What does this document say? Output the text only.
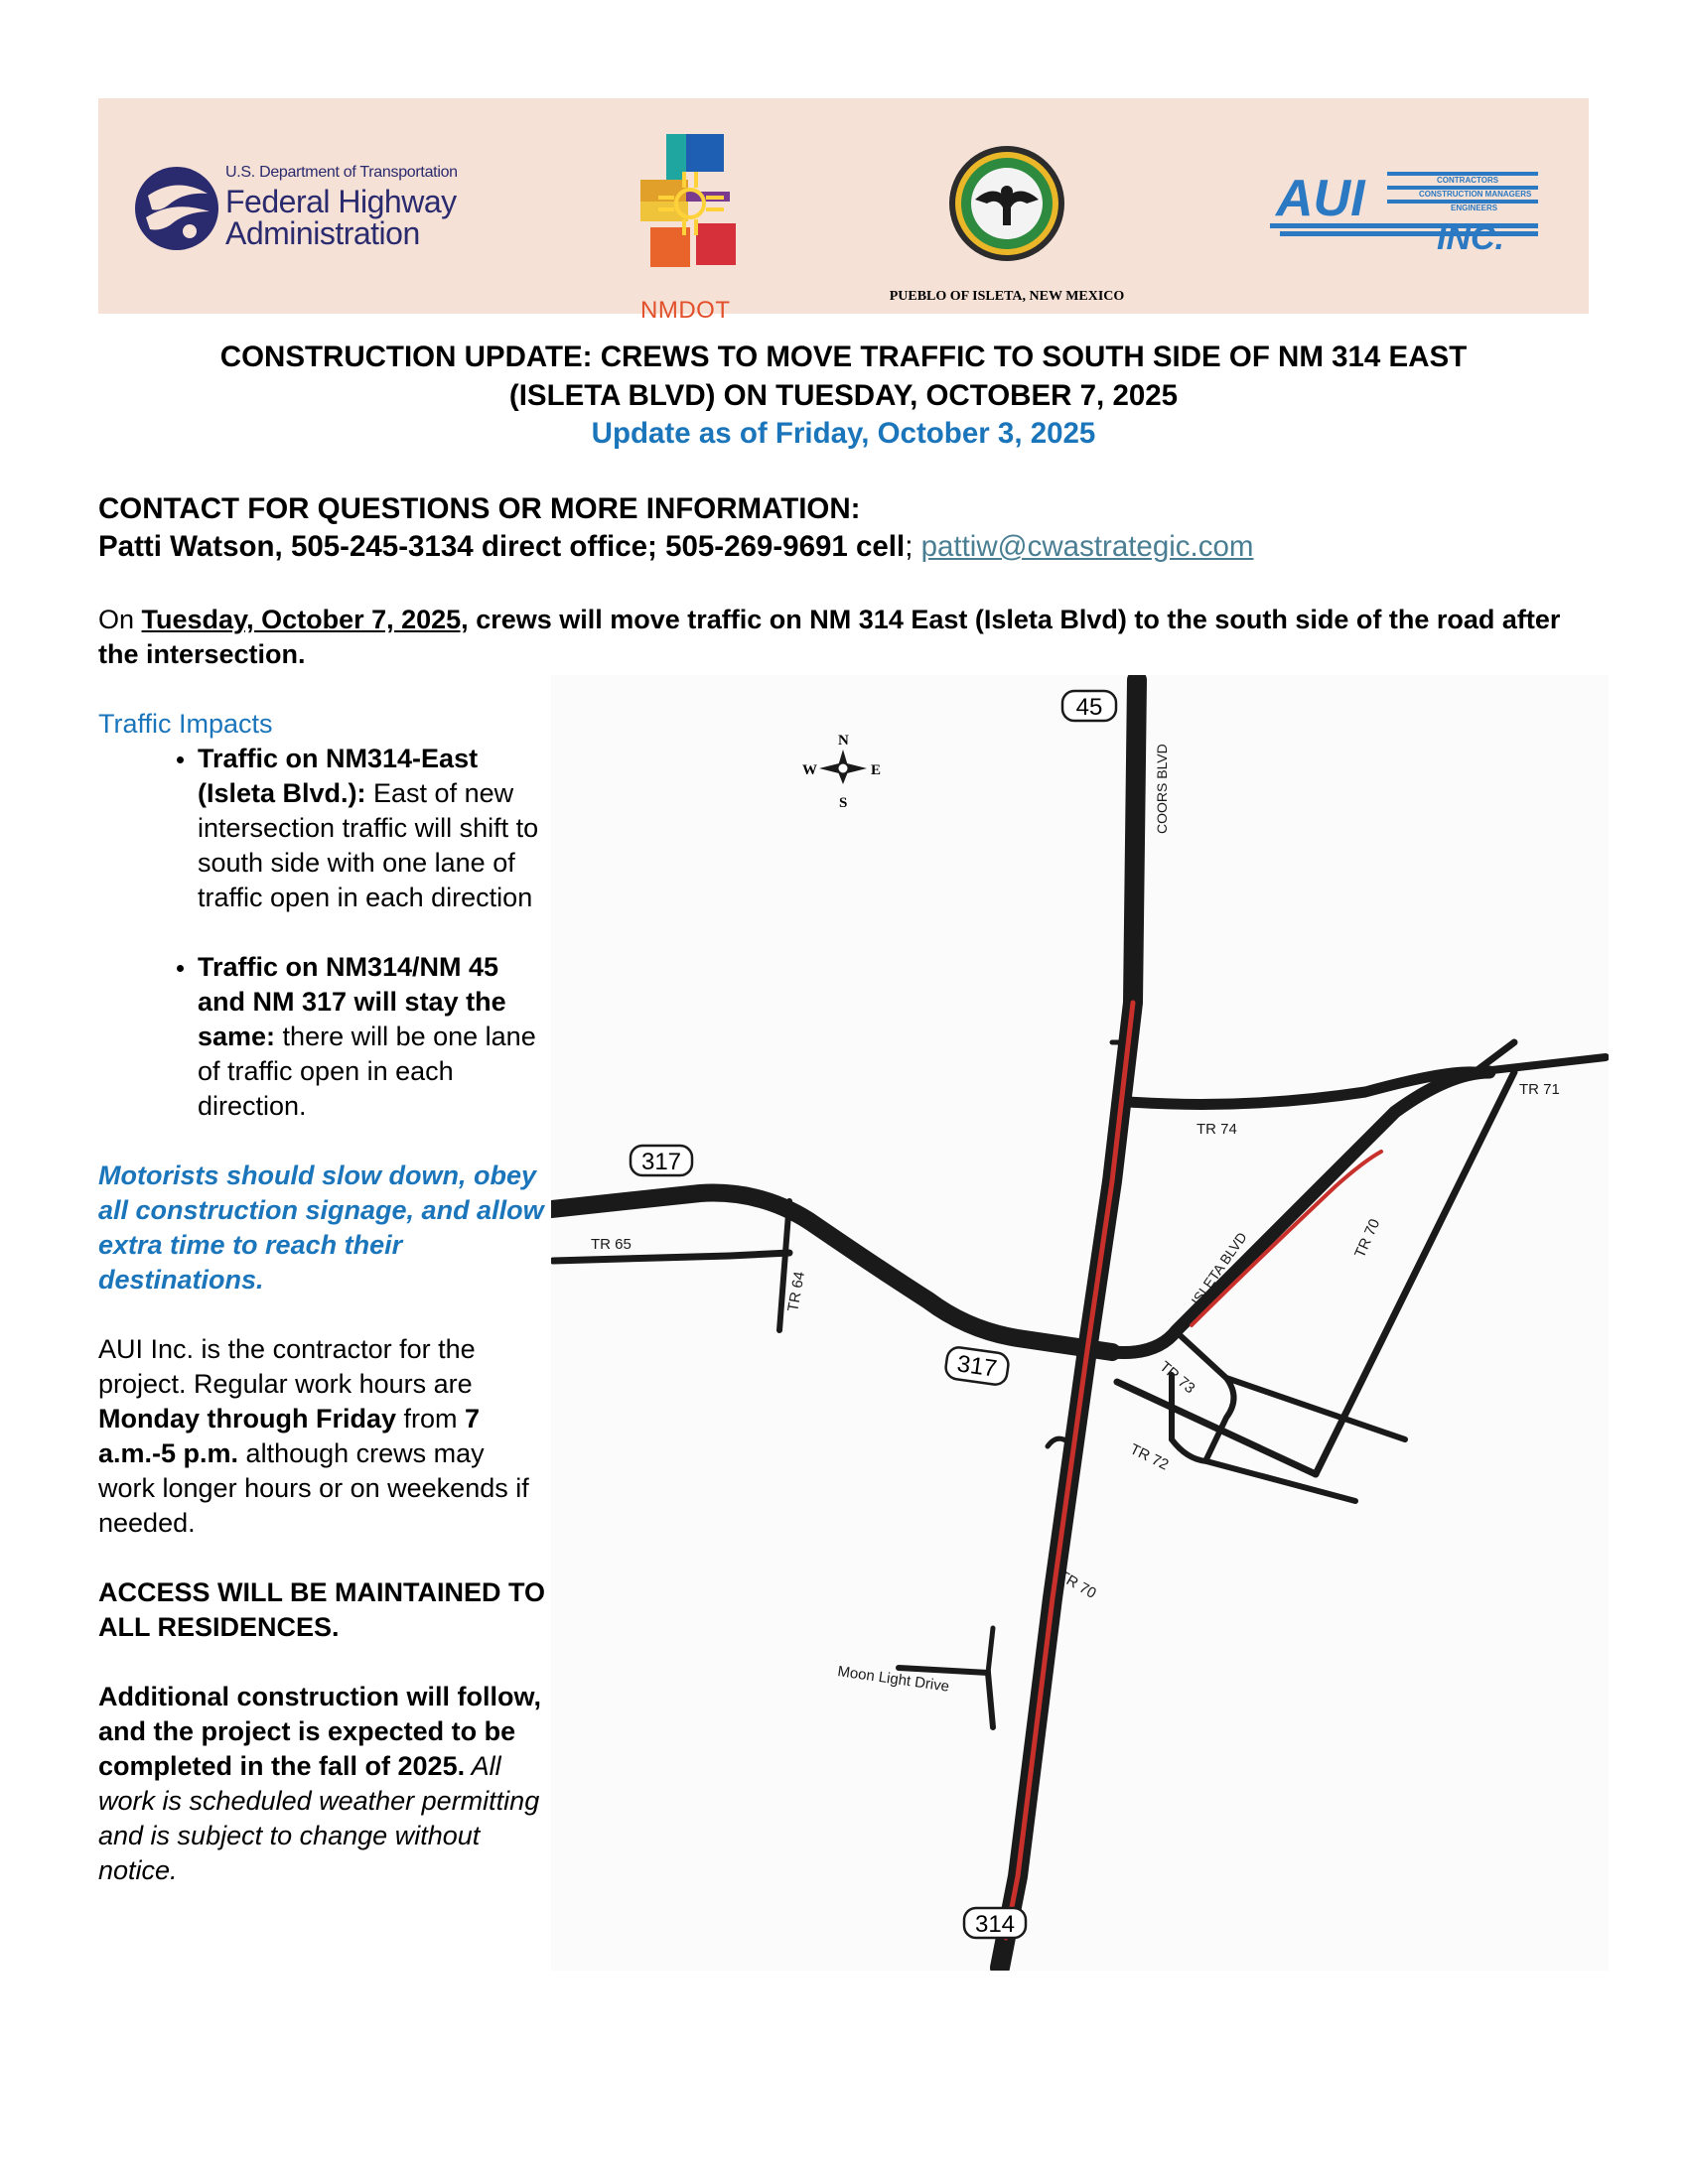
U.S. Department of Transportation
Federal Highway
Administration
NMDOT
PUEBLO OF ISLETA, NEW MEXICO
AUI
INC.
CONTRACTORS
CONSTRUCTION MANAGERS
ENGINEERS
CONSTRUCTION UPDATE: CREWS TO MOVE TRAFFIC TO SOUTH SIDE OF NM 314 EAST
(ISLETA BLVD) ON TUESDAY, OCTOBER 7, 2025
Update as of Friday, October 3, 2025
CONTACT FOR QUESTIONS OR MORE INFORMATION:
Patti Watson, 505-245-3134 direct office; 505-269-9691 cell; pattiw@cwastrategic.com
On Tuesday, October 7, 2025, crews will move traffic on NM 314 East (Isleta Blvd) to the south side of the road after the intersection.
Traffic Impacts
• Traffic on NM314-East (Isleta Blvd.): East of new intersection traffic will shift to south side with one lane of traffic open in each direction
• Traffic on NM314/NM 45 and NM 317 will stay the same: there will be one lane of traffic open in each direction.
Motorists should slow down, obey all construction signage, and allow extra time to reach their destinations.

AUI Inc. is the contractor for the project. Regular work hours are Monday through Friday from 7 a.m.-5 p.m. although crews may work longer hours or on weekends if needed.

ACCESS WILL BE MAINTAINED TO ALL RESIDENCES.

Additional construction will follow, and the project is expected to be completed in the fall of 2025. All work is scheduled weather permitting and is subject to change without notice.

N
S
E
W
45
317
317
314
COORS BLVD
ISLETA BLVD
TR 71
TR 74
TR 65
TR 64
TR 70
TR 73
TR 72
TR 70
Moon Light Drive
